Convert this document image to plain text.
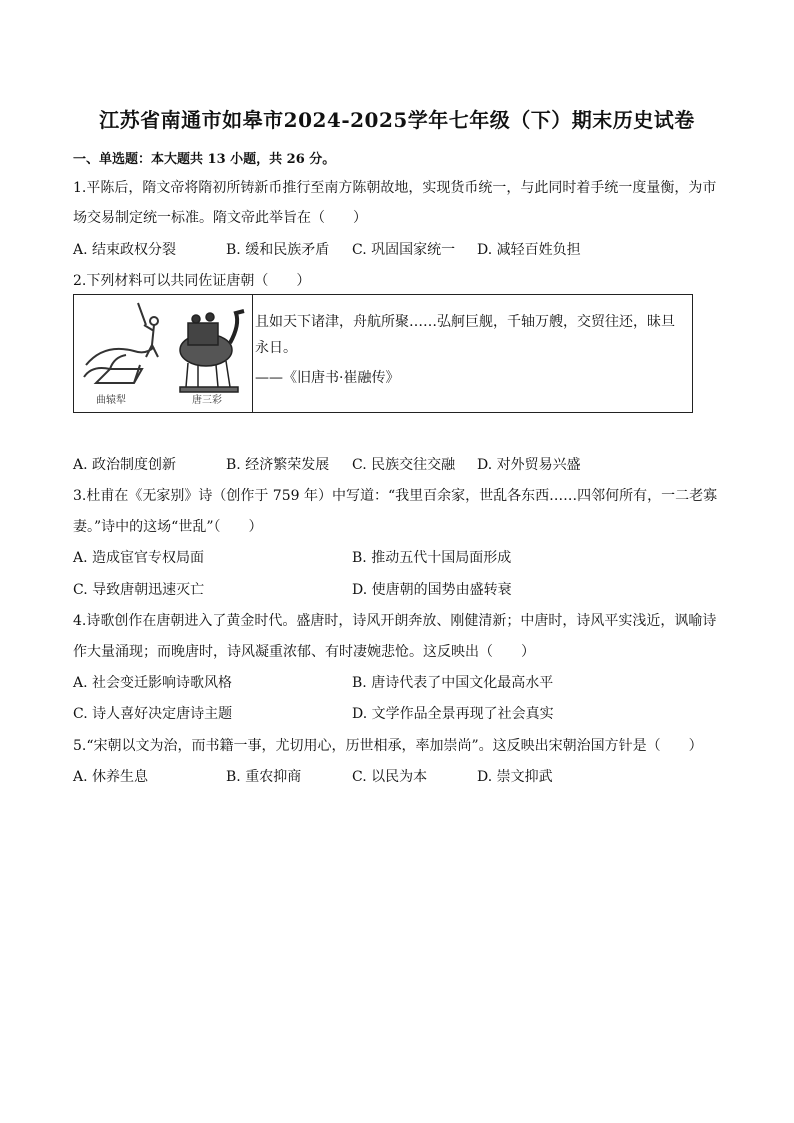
江苏省南通市如皋市2024-2025学年七年级（下）期末历史试卷
一、单选题：本大题共 13 小题，共 26 分。
1.平陈后，隋文帝将隋初所铸新币推行至南方陈朝故地，实现货币统一，与此同时着手统一度量衡，为市
场交易制定统一标准。隋文帝此举旨在（　　）
A. 结束政权分裂	B. 缓和民族矛盾 C. 巩固国家统一 D. 减轻百姓负担
2.下列材料可以共同佐证唐朝（　　）
曲辕犁	唐三彩
且如天下诸津，舟航所聚……弘舸巨舰，千轴万艘，交贸往还，昧旦永日。
——《旧唐书·崔融传》
A. 政治制度创新	B. 经济繁荣发展 C. 民族交往交融 D. 对外贸易兴盛
3.杜甫在《无家别》诗（创作于 759 年）中写道：“我里百余家，世乱各东西……四邻何所有，一二老寡
妻。”诗中的这场“世乱”（　　）
A. 造成宦官专权局面	B. 推动五代十国局面形成
C. 导致唐朝迅速灭亡	D. 使唐朝的国势由盛转衰
4.诗歌创作在唐朝进入了黄金时代。盛唐时，诗风开朗奔放、刚健清新；中唐时，诗风平实浅近，讽喻诗
作大量涌现；而晚唐时，诗风凝重浓郁、有时凄婉悲怆。这反映出（　　）
A. 社会变迁影响诗歌风格	B. 唐诗代表了中国文化最高水平
C. 诗人喜好决定唐诗主题	D. 文学作品全景再现了社会真实
5.“宋朝以文为治，而书籍一事，尤切用心，历世相承，率加崇尚”。这反映出宋朝治国方针是（　　）
A. 休养生息	B. 重农抑商	C. 以民为本	D. 崇文抑武
